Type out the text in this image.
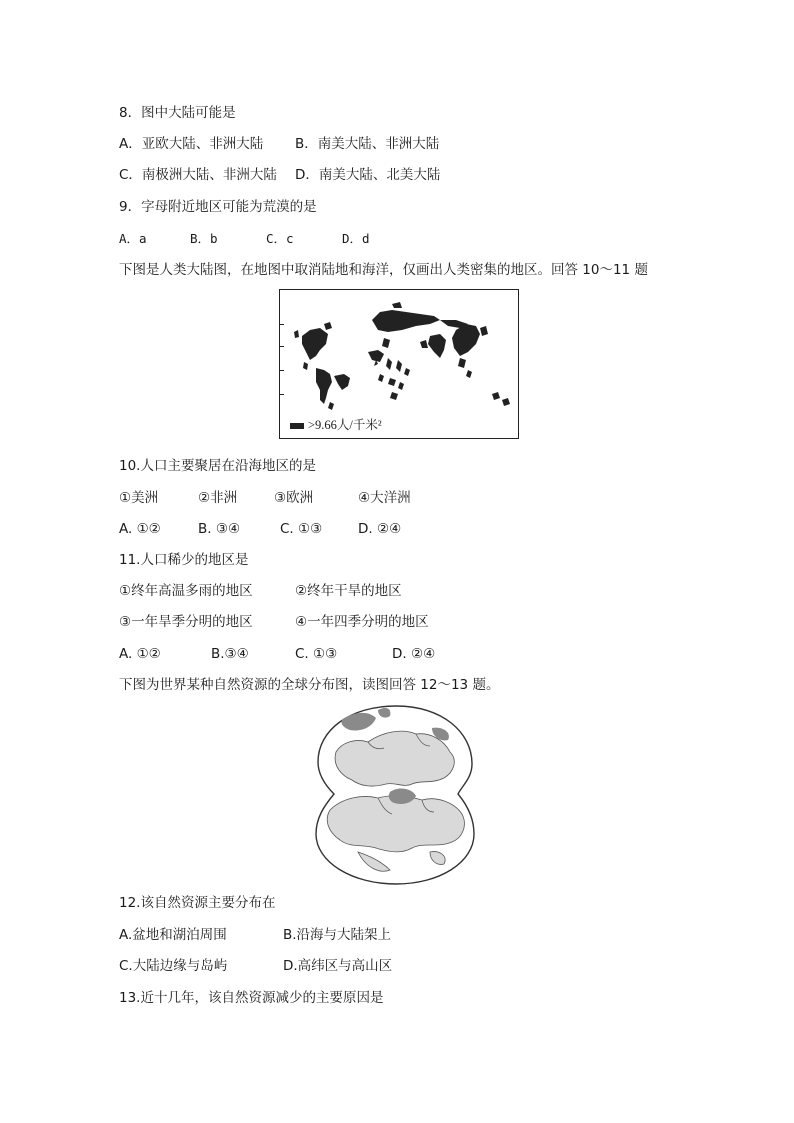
8．图中大陆可能是
A．亚欧大陆、非洲大陆 B．南美大陆、非洲大陆
C．南极洲大陆、非洲大陆 D．南美大陆、北美大陆
9．字母附近地区可能为荒漠的是
A．a	B．b	C．c	D．d
下图是人类大陆图，在地图中取消陆地和海洋，仅画出人类密集的地区。回答 10～11 题
>9.66人/千米²
10.人口主要聚居在沿海地区的是
①美洲	②非洲	③欧洲	④大洋洲
A. ①②	B. ③④	C. ①③	D. ②④
11.人口稀少的地区是
①终年高温多雨的地区	②终年干旱的地区
③一年旱季分明的地区	④一年四季分明的地区
A. ①②	B.③④	C. ①③	D. ②④
下图为世界某种自然资源的全球分布图，读图回答 12～13 题。
12.该自然资源主要分布在
A.盆地和湖泊周围	B.沿海与大陆架上
C.大陆边缘与岛屿	D.高纬区与高山区
13.近十几年，该自然资源减少的主要原因是
